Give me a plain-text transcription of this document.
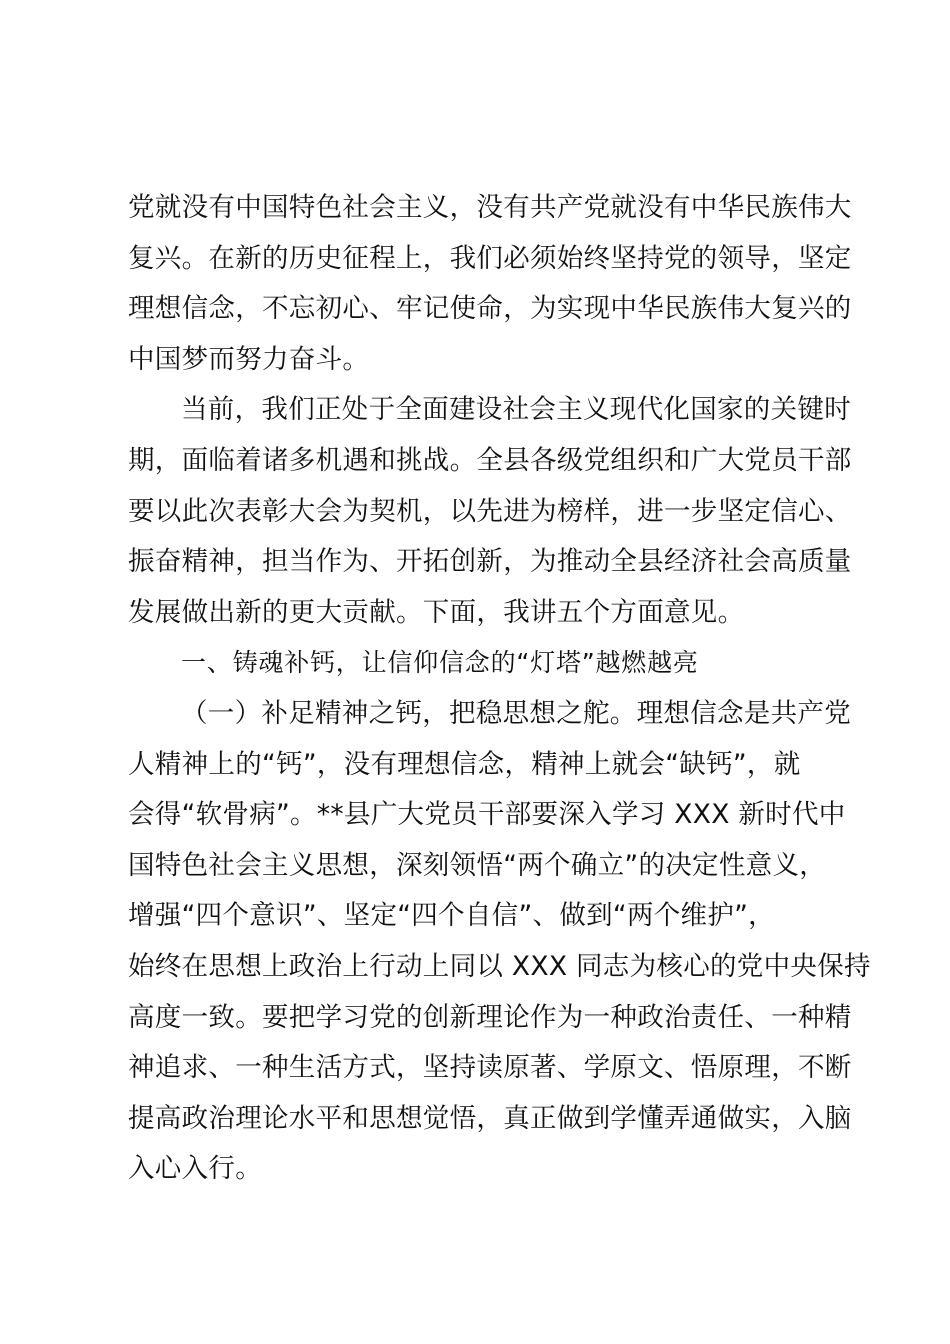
党就没有中国特色社会主义，没有共产党就没有中华民族伟大
复兴。在新的历史征程上，我们必须始终坚持党的领导，坚定
理想信念，不忘初心、牢记使命，为实现中华民族伟大复兴的
中国梦而努力奋斗。
当前，我们正处于全面建设社会主义现代化国家的关键时
期，面临着诸多机遇和挑战。全县各级党组织和广大党员干部
要以此次表彰大会为契机，以先进为榜样，进一步坚定信心、
振奋精神，担当作为、开拓创新，为推动全县经济社会高质量
发展做出新的更大贡献。下面，我讲五个方面意见。
一、铸魂补钙，让信仰信念的“灯塔”越燃越亮
（一）补足精神之钙，把稳思想之舵。理想信念是共产党
人精神上的“钙”，没有理想信念，精神上就会“缺钙”，就
会得“软骨病”。**县广大党员干部要深入学习 XXX 新时代中
国特色社会主义思想，深刻领悟“两个确立”的决定性意义，
增强“四个意识”、坚定“四个自信”、做到“两个维护”，
始终在思想上政治上行动上同以 XXX 同志为核心的党中央保持
高度一致。要把学习党的创新理论作为一种政治责任、一种精
神追求、一种生活方式，坚持读原著、学原文、悟原理，不断
提高政治理论水平和思想觉悟，真正做到学懂弄通做实，入脑
入心入行。
